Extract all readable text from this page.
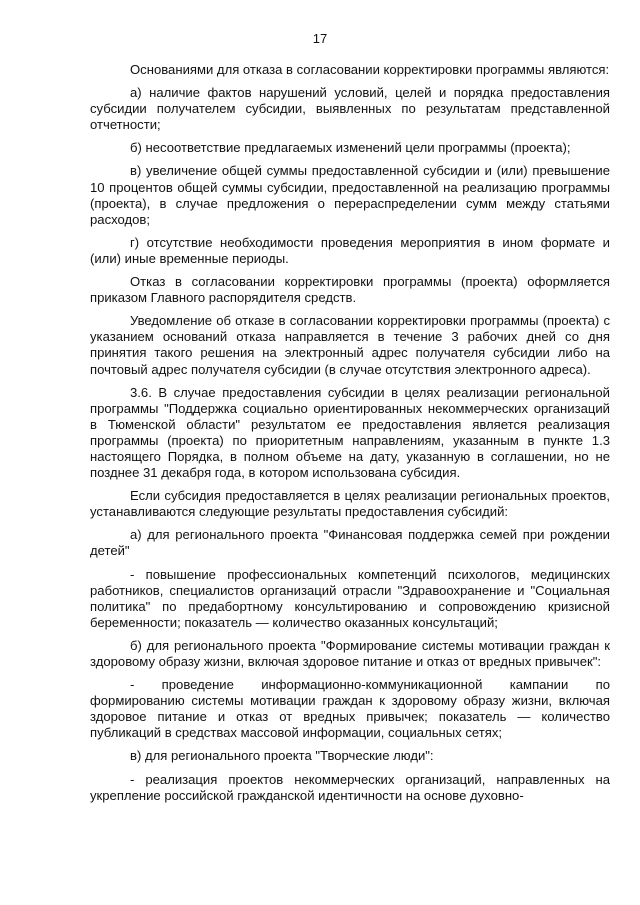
17

Основаниями для отказа в согласовании корректировки программы являются:

а) наличие фактов нарушений условий, целей и порядка предоставления субсидии получателем субсидии, выявленных по результатам представленной отчетности;

б) несоответствие предлагаемых изменений цели программы (проекта);

в) увеличение общей суммы предоставленной субсидии и (или) превышение 10 процентов общей суммы субсидии, предоставленной на реализацию программы (проекта), в случае предложения о перераспределении сумм между статьями расходов;

г) отсутствие необходимости проведения мероприятия в ином формате и (или) иные временные периоды.

Отказ в согласовании корректировки программы (проекта) оформляется приказом Главного распорядителя средств.

Уведомление об отказе в согласовании корректировки программы (проекта) с указанием оснований отказа направляется в течение 3 рабочих дней со дня принятия такого решения на электронный адрес получателя субсидии либо на почтовый адрес получателя субсидии (в случае отсутствия электронного адреса).

3.6. В случае предоставления субсидии в целях реализации региональной программы "Поддержка социально ориентированных некоммерческих организаций в Тюменской области" результатом ее предоставления является реализация программы (проекта) по приоритетным направлениям, указанным в пункте 1.3 настоящего Порядка, в полном объеме на дату, указанную в соглашении, но не позднее 31 декабря года, в котором использована субсидия.

Если субсидия предоставляется в целях реализации региональных проектов, устанавливаются следующие результаты предоставления субсидий:

а) для регионального проекта "Финансовая поддержка семей при рождении детей"

- повышение профессиональных компетенций психологов, медицинских работников, специалистов организаций отрасли "Здравоохранение и "Социальная политика" по предабортному консультированию и сопровождению кризисной беременности; показатель — количество оказанных консультаций;

б) для регионального проекта "Формирование системы мотивации граждан к здоровому образу жизни, включая здоровое питание и отказ от вредных привычек":

- проведение информационно-коммуникационной кампании по формированию системы мотивации граждан к здоровому образу жизни, включая здоровое питание и отказ от вредных привычек; показатель — количество публикаций в средствах массовой информации, социальных сетях;

в) для регионального проекта "Творческие люди":

- реализация проектов некоммерческих организаций, направленных на укрепление российской гражданской идентичности на основе духовно-
